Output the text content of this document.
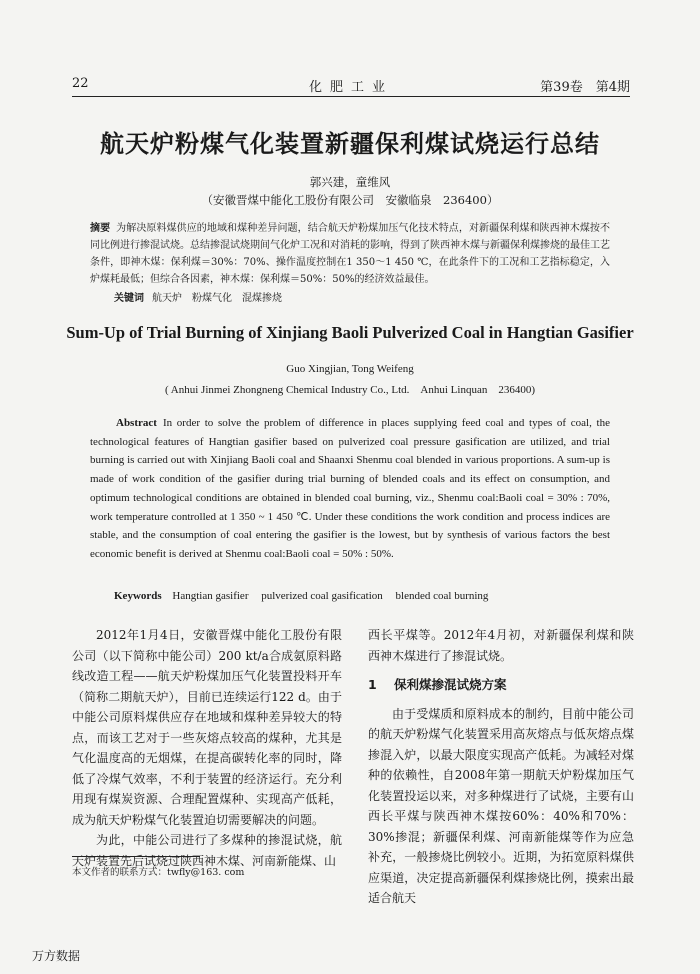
22	化肥工业	第39卷　第4期
航天炉粉煤气化装置新疆保利煤试烧运行总结
郭兴建，童维风
（安徽晋煤中能化工股份有限公司　安徽临泉　236400）
摘要 为解决原料煤供应的地域和煤种差异问题，结合航天炉粉煤加压气化技术特点，对新疆保利煤和陕西神木煤按不同比例进行掺混试烧。总结掺混试烧期间气化炉工况和对消耗的影响，得到了陕西神木煤与新疆保利煤掺烧的最佳工艺条件，即神木煤：保利煤＝30%：70%、操作温度控制在1 350～1 450 ℃，在此条件下的工况和工艺指标稳定，入炉煤耗最低；但综合各因素，神木煤：保利煤＝50%：50%的经济效益最佳。
关键词 航天炉　粉煤气化　混煤掺烧
Sum-Up of Trial Burning of Xinjiang Baoli Pulverized Coal in Hangtian Gasifier
Guo Xingjian, Tong Weifeng
( Anhui Jinmei Zhongneng Chemical Industry Co., Ltd.　Anhui Linquan　236400)
Abstract In order to solve the problem of difference in places supplying feed coal and types of coal, the technological features of Hangtian gasifier based on pulverized coal pressure gasification are utilized, and trial burning is carried out with Xinjiang Baoli coal and Shaanxi Shenmu coal blended in various proportions. A sum-up is made of work condition of the gasifier during trial burning of blended coals and its effect on consumption, and optimum technological conditions are obtained in blended coal burning, viz., Shenmu coal:Baoli coal = 30% : 70%, work temperature controlled at 1 350 ~ 1 450 ℃. Under these conditions the work condition and process indices are stable, and the consumption of coal entering the gasifier is the lowest, but by synthesis of various factors the best economic benefit is derived at Shenmu coal:Baoli coal = 50% : 50%.
Keywords Hangtian gasifier pulverized coal gasification blended coal burning

2012年1月4日，安徽晋煤中能化工股份有限公司（以下简称中能公司）200 kt/a合成氨原料路线改造工程——航天炉粉煤加压气化装置投料开车（简称二期航天炉），目前已连续运行122 d。由于中能公司原料煤供应存在地域和煤种差异较大的特点，而该工艺对于一些灰熔点较高的煤种，尤其是气化温度高的无烟煤，在提高碳转化率的同时，降低了冷煤气效率，不利于装置的经济运行。充分利用现有煤炭资源、合理配置煤种、实现高产低耗，成为航天炉粉煤气化装置迫切需要解决的问题。

为此，中能公司进行了多煤种的掺混试烧，航天炉装置先后试烧过陕西神木煤、河南新能煤、山

西长平煤等。2012年4月初，对新疆保利煤和陕西神木煤进行了掺混试烧。

1 保利煤掺混试烧方案

由于受煤质和原料成本的制约，目前中能公司的航天炉粉煤气化装置采用高灰熔点与低灰熔点煤掺混入炉，以最大限度实现高产低耗。为减轻对煤种的依赖性，自2008年第一期航天炉粉煤加压气化装置投运以来，对多种煤进行了试烧，主要有山西长平煤与陕西神木煤按60%：40%和70%：30%掺混；新疆保利煤、河南新能煤等作为应急补充，一般掺烧比例较小。近期，为拓宽原料煤供应渠道，决定提高新疆保利煤掺烧比例，摸索出最适合航天

本文作者的联系方式：twfly@163. com
万方数据
